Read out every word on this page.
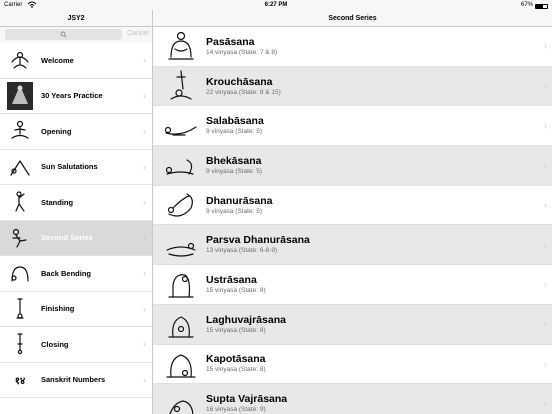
Carrier	6:27 PM	67%
JSY2	Second Series
Cancel
Welcome	›
30 Years Practice	›
Opening	›
Sun Salutations	›
Standing	›
Second Series	›
Back Bending	›
Finishing	›
Closing	›
१४ Sanskrit Numbers	›
Pasāsana
14 vinyasa (State: 7 & 8)
›
Krouchāsana
22 vinyasa (State: 8 & 15)
›
Salabāsana
9 vinyasa (State: 5)
›
Bhekāsana
9 vinyasa (State: 5)
›
Dhanurāsana
9 vinyasa (State: 5)
›
Parsva Dhanurāsana
13 vinyasa (State: 6-8-9)
›
Ustrāsana
15 vinyasa (State: 8)
›
Laghuvajrāsana
15 vinyasa (State: 8)
›
Kapotāsana
15 vinyasa (State: 8)
›
Supta Vajrāsana
16 vinyasa (State: 9)
›
